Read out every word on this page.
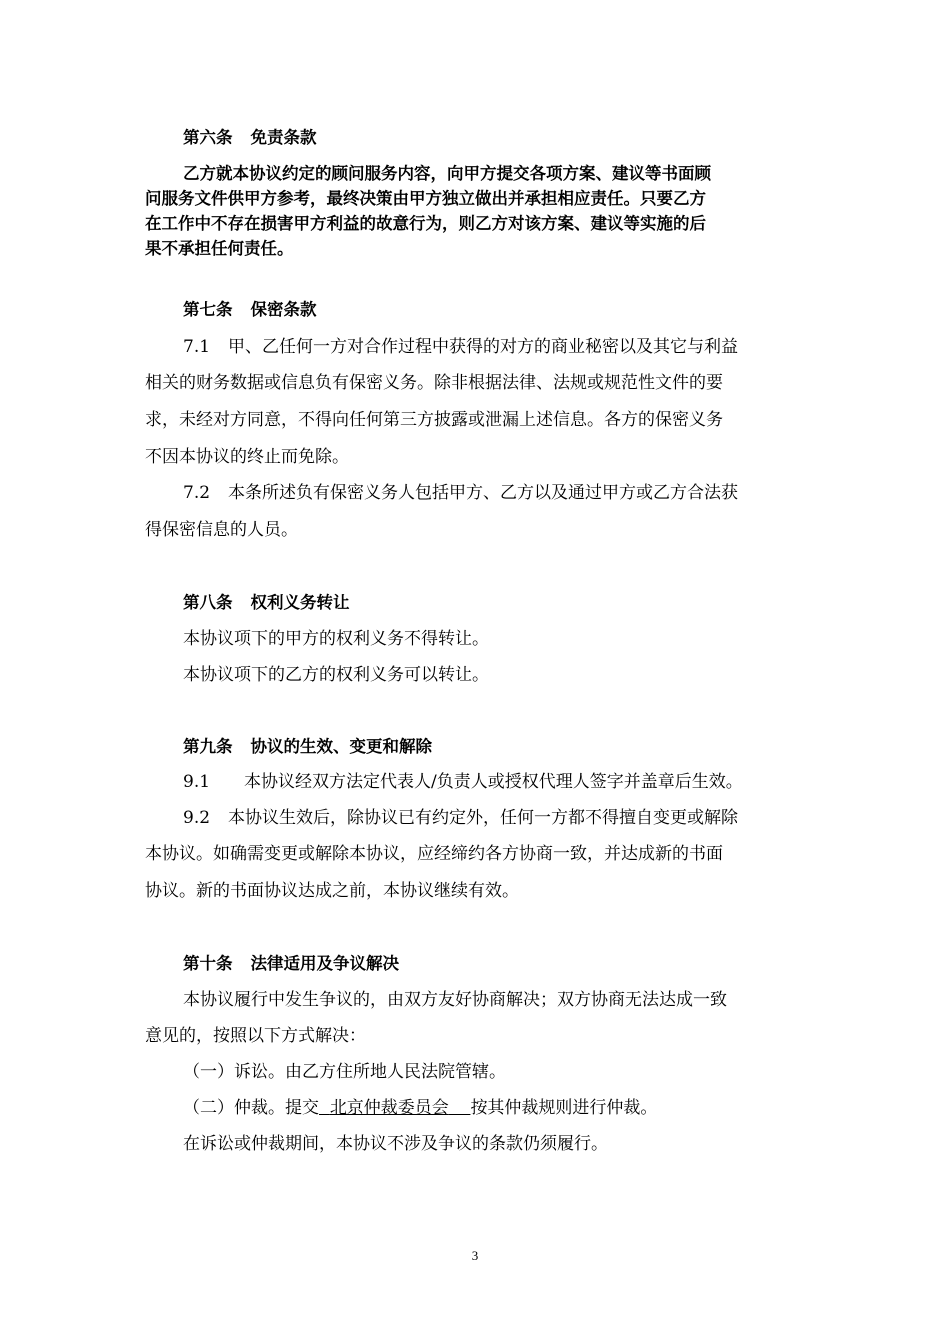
第六条 免责条款
乙方就本协议约定的顾问服务内容，向甲方提交各项方案、建议等书面顾
问服务文件供甲方参考，最终决策由甲方独立做出并承担相应责任。只要乙方
在工作中不存在损害甲方利益的故意行为，则乙方对该方案、建议等实施的后
果不承担任何责任。
第七条 保密条款
7.1 甲、乙任何一方对合作过程中获得的对方的商业秘密以及其它与利益
相关的财务数据或信息负有保密义务。除非根据法律、法规或规范性文件的要
求，未经对方同意，不得向任何第三方披露或泄漏上述信息。各方的保密义务
不因本协议的终止而免除。
7.2 本条所述负有保密义务人包括甲方、乙方以及通过甲方或乙方合法获
得保密信息的人员。
第八条 权利义务转让
本协议项下的甲方的权利义务不得转让。
本协议项下的乙方的权利义务可以转让。
第九条 协议的生效、变更和解除
9.1 本协议经双方法定代表人/负责人或授权代理人签字并盖章后生效。
9.2 本协议生效后，除协议已有约定外，任何一方都不得擅自变更或解除
本协议。如确需变更或解除本协议，应经缔约各方协商一致，并达成新的书面
协议。新的书面协议达成之前，本协议继续有效。
第十条 法律适用及争议解决
本协议履行中发生争议的，由双方友好协商解决；双方协商无法达成一致
意见的，按照以下方式解决：
（一）诉讼。由乙方住所地人民法院管辖。
（二）仲裁。提交 北京仲裁委员会 按其仲裁规则进行仲裁。
在诉讼或仲裁期间，本协议不涉及争议的条款仍须履行。
3
